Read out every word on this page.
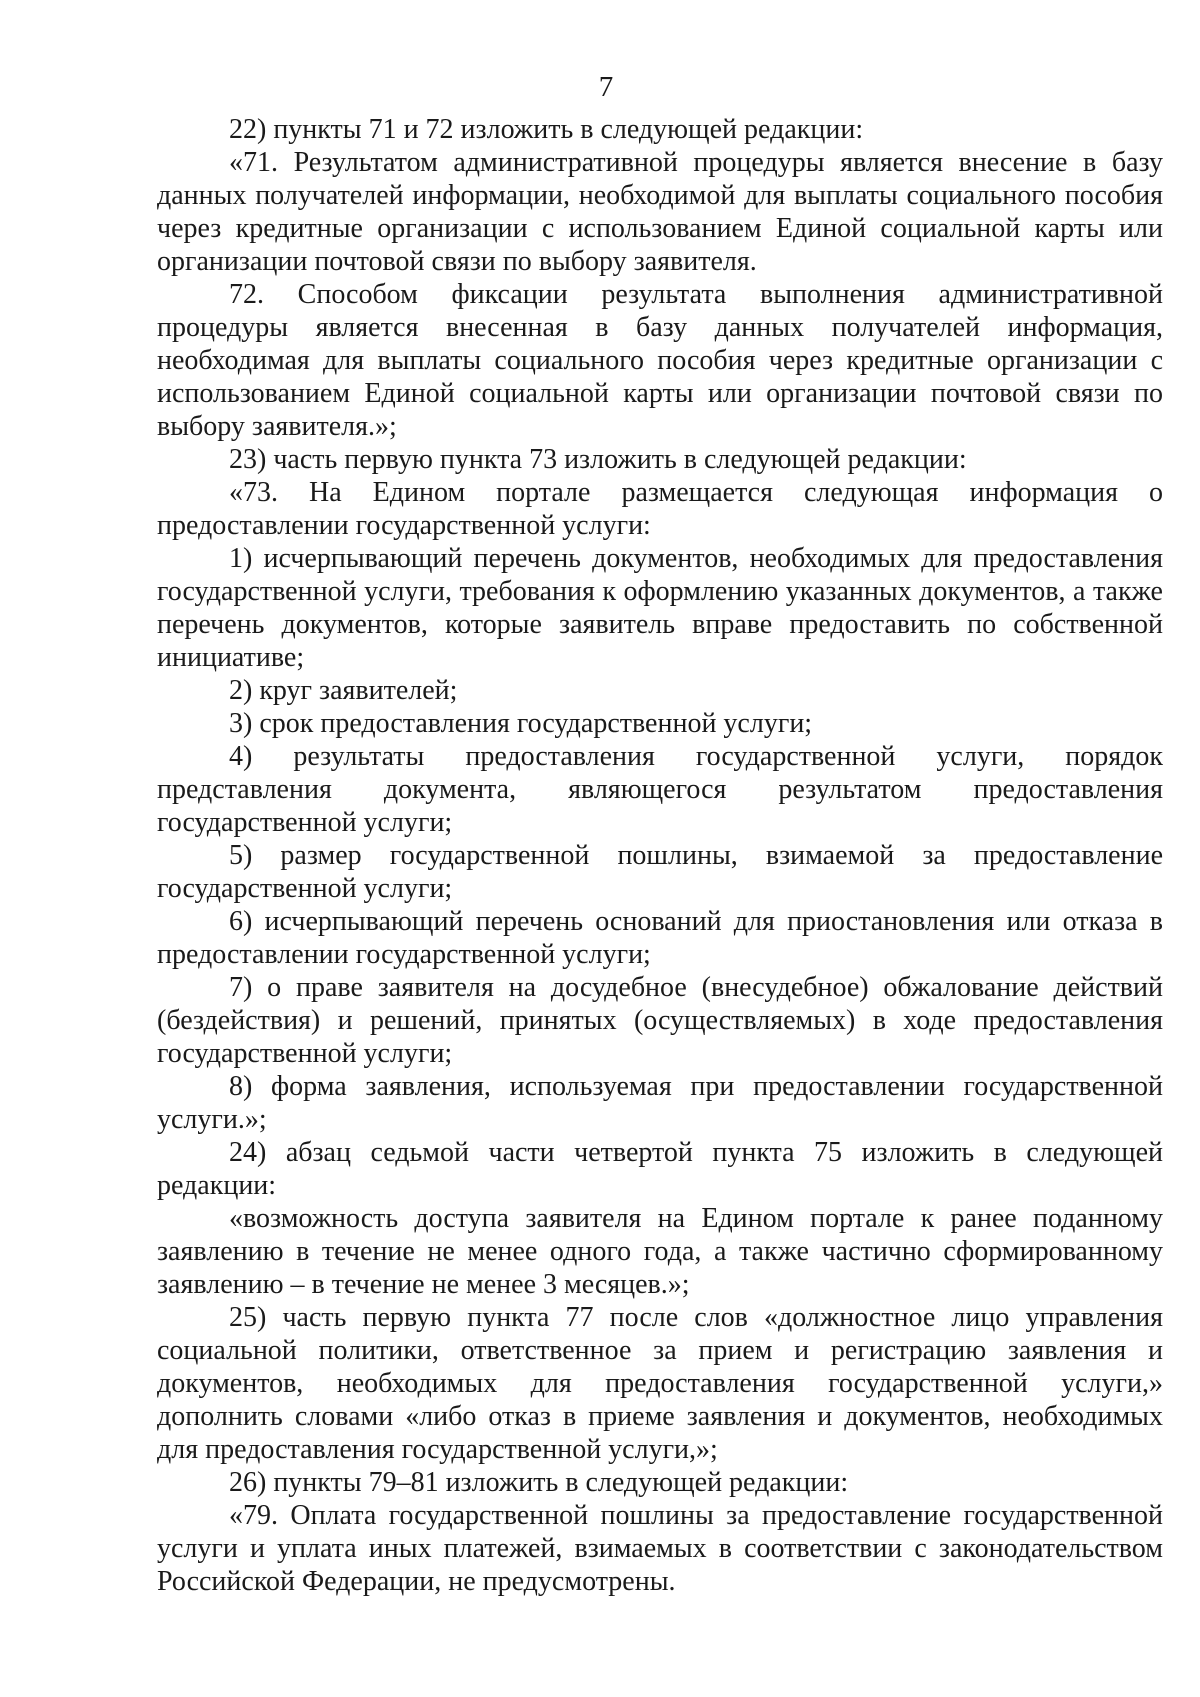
7

22) пункты 71 и 72 изложить в следующей редакции:

«71. Результатом административной процедуры является внесение в базу данных получателей информации, необходимой для выплаты социального пособия через кредитные организации с использованием Единой социальной карты или организации почтовой связи по выбору заявителя.

72. Способом фиксации результата выполнения административной процедуры является внесенная в базу данных получателей информация, необходимая для выплаты социального пособия через кредитные организации с использованием Единой социальной карты или организации почтовой связи по выбору заявителя.»;

23) часть первую пункта 73 изложить в следующей редакции:

«73. На Едином портале размещается следующая информация о предоставлении государственной услуги:

1) исчерпывающий перечень документов, необходимых для предоставления государственной услуги, требования к оформлению указанных документов, а также перечень документов, которые заявитель вправе предоставить по собственной инициативе;

2) круг заявителей;

3) срок предоставления государственной услуги;

4) результаты предоставления государственной услуги, порядок представления документа, являющегося результатом предоставления государственной услуги;

5) размер государственной пошлины, взимаемой за предоставление государственной услуги;

6) исчерпывающий перечень оснований для приостановления или отказа в предоставлении государственной услуги;

7) о праве заявителя на досудебное (внесудебное) обжалование действий (бездействия) и решений, принятых (осуществляемых) в ходе предоставления государственной услуги;

8) форма заявления, используемая при предоставлении государственной услуги.»;

24) абзац седьмой части четвертой пункта 75 изложить в следующей редакции:

«возможность доступа заявителя на Едином портале к ранее поданному заявлению в течение не менее одного года, а также частично сформированному заявлению – в течение не менее 3 месяцев.»;

25) часть первую пункта 77 после слов «должностное лицо управления социальной политики, ответственное за прием и регистрацию заявления и документов, необходимых для предоставления государственной услуги,» дополнить словами «либо отказ в приеме заявления и документов, необходимых для предоставления государственной услуги,»;

26) пункты 79–81 изложить в следующей редакции:

«79. Оплата государственной пошлины за предоставление государственной услуги и уплата иных платежей, взимаемых в соответствии с законодательством Российской Федерации, не предусмотрены.
